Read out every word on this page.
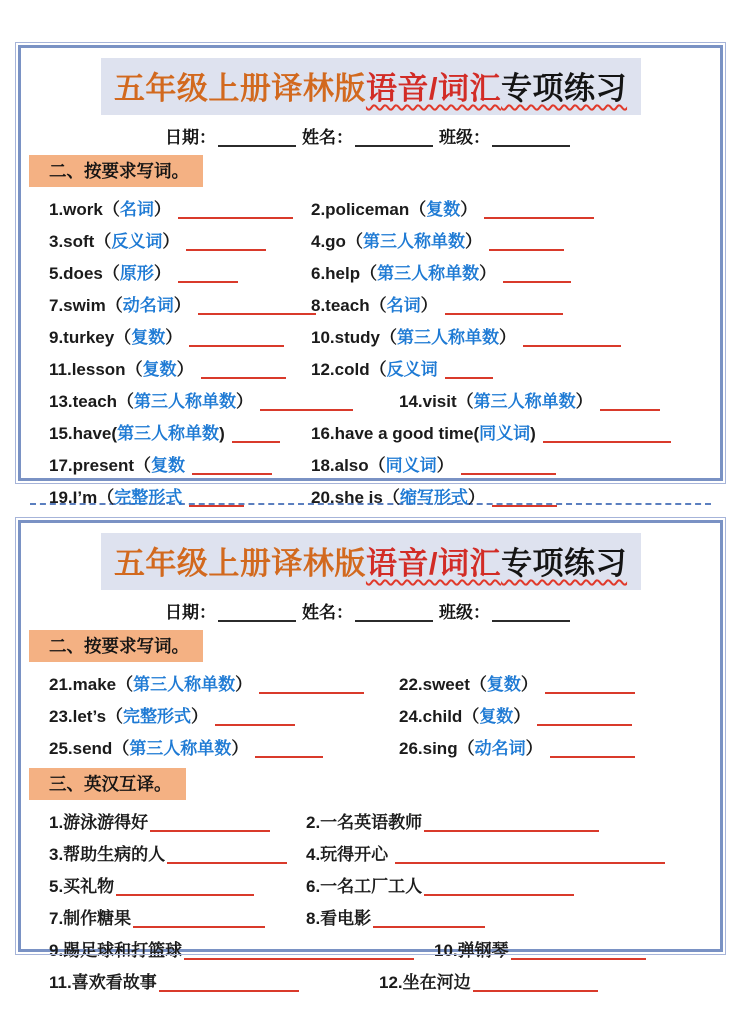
五年级上册译林版语音/词汇专项练习
日期：	姓名：	班级：
二、按要求写词。
1.work（名词）	2.policeman（复数）
3.soft（反义词）	4.go（第三人称单数）
5.does（原形）	6.help（第三人称单数）
7.swim（动名词）	8.teach（名词）
9.turkey（复数）	10.study（第三人称单数）
11.lesson（复数）	12.cold（反义词
13.teach（第三人称单数）	14.visit（第三人称单数）
15.have(第三人称单数)	16.have a good time(同义词)
17.present（复数	18.also（同义词）
19.I’m（完整形式	20.she is（缩写形式）
五年级上册译林版语音/词汇专项练习
日期：	姓名：	班级：
二、按要求写词。
21.make（第三人称单数）	22.sweet（复数）
23.let’s（完整形式）	24.child（复数）
25.send（第三人称单数）	26.sing（动名词）
三、英汉互译。
1.游泳游得好	2.一名英语教师
3.帮助生病的人	4.玩得开心
5.买礼物	6.一名工厂工人
7.制作糖果	8.看电影
9.踢足球和打篮球	10.弹钢琴
11.喜欢看故事	12.坐在河边
